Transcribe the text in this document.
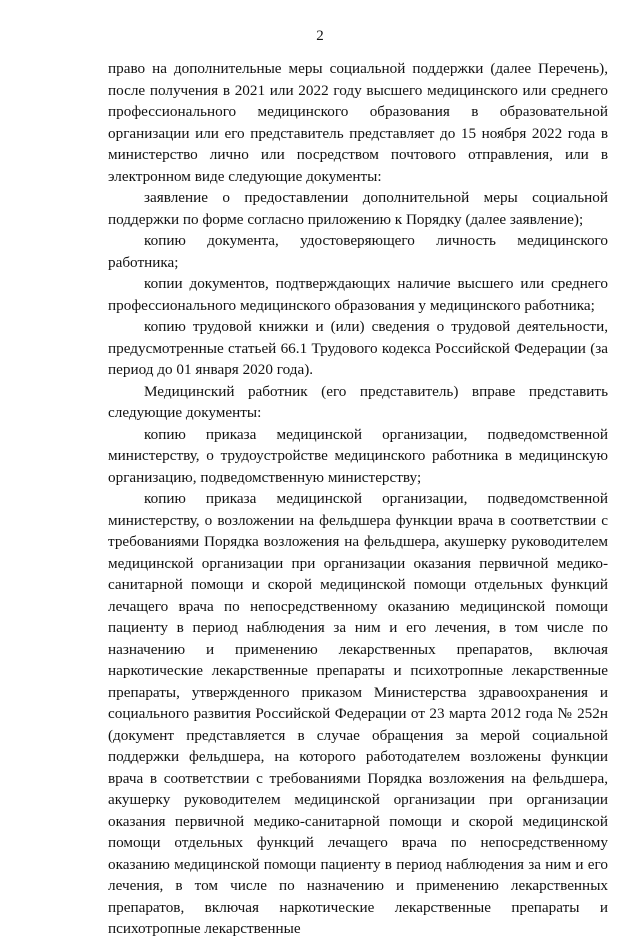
2

право на дополнительные меры социальной поддержки (далее Перечень), после получения в 2021 или 2022 году высшего медицинского или среднего профессионального медицинского образования в образовательной организации или его представитель представляет до 15 ноября 2022 года в министерство лично или посредством почтового отправления, или в электронном виде следующие документы:

заявление о предоставлении дополнительной меры социальной поддержки по форме согласно приложению к Порядку (далее заявление);

копию документа, удостоверяющего личность медицинского работника;

копии документов, подтверждающих наличие высшего или среднего профессионального медицинского образования у медицинского работника;

копию трудовой книжки и (или) сведения о трудовой деятельности, предусмотренные статьей 66.1 Трудового кодекса Российской Федерации (за период до 01 января 2020 года).

Медицинский работник (его представитель) вправе представить следующие документы:

копию приказа медицинской организации, подведомственной министерству, о трудоустройстве медицинского работника в медицинскую организацию, подведомственную министерству;

копию приказа медицинской организации, подведомственной министерству, о возложении на фельдшера функции врача в соответствии с требованиями Порядка возложения на фельдшера, акушерку руководителем медицинской организации при организации оказания первичной медико-санитарной помощи и скорой медицинской помощи отдельных функций лечащего врача по непосредственному оказанию медицинской помощи пациенту в период наблюдения за ним и его лечения, в том числе по назначению и применению лекарственных препаратов, включая наркотические лекарственные препараты и психотропные лекарственные препараты, утвержденного приказом Министерства здравоохранения и социального развития Российской Федерации от 23 марта 2012 года № 252н (документ представляется в случае обращения за мерой социальной поддержки фельдшера, на которого работодателем возложены функции врача в соответствии с требованиями Порядка возложения на фельдшера, акушерку руководителем медицинской организации при организации оказания первичной медико-санитарной помощи и скорой медицинской помощи отдельных функций лечащего врача по непосредственному оказанию медицинской помощи пациенту в период наблюдения за ним и его лечения, в том числе по назначению и применению лекарственных препаратов, включая наркотические лекарственные препараты и психотропные лекарственные
